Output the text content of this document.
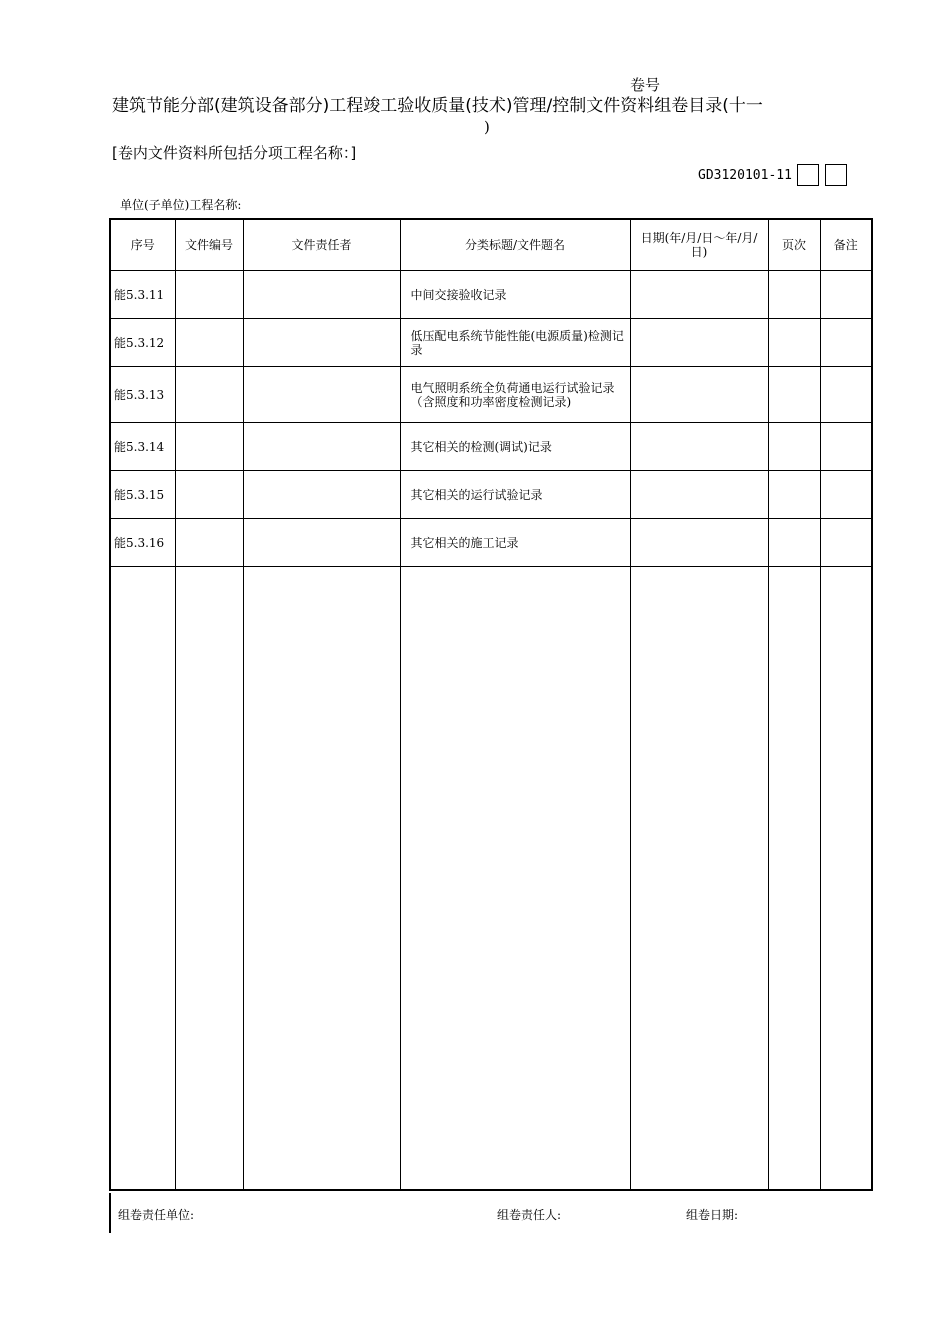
卷号
建筑节能分部(建筑设备部分)工程竣工验收质量(技术)管理/控制文件资料组卷目录(十一
)
[卷内文件资料所包括分项工程名称：]
GD3120101-11
单位(子单位)工程名称:
序号	文件编号	文件责任者	分类标题/文件题名	日期(年/月/日～年/月/日)	页次	备注
能5.3.11			中间交接验收记录			
能5.3.12			低压配电系统节能性能(电源质量)检测记录			
能5.3.13			电气照明系统全负荷通电运行试验记录（含照度和功率密度检测记录)			
能5.3.14			其它相关的检测(调试)记录			
能5.3.15			其它相关的运行试验记录			
能5.3.16			其它相关的施工记录			

组卷责任单位:	组卷责任人:	组卷日期:
